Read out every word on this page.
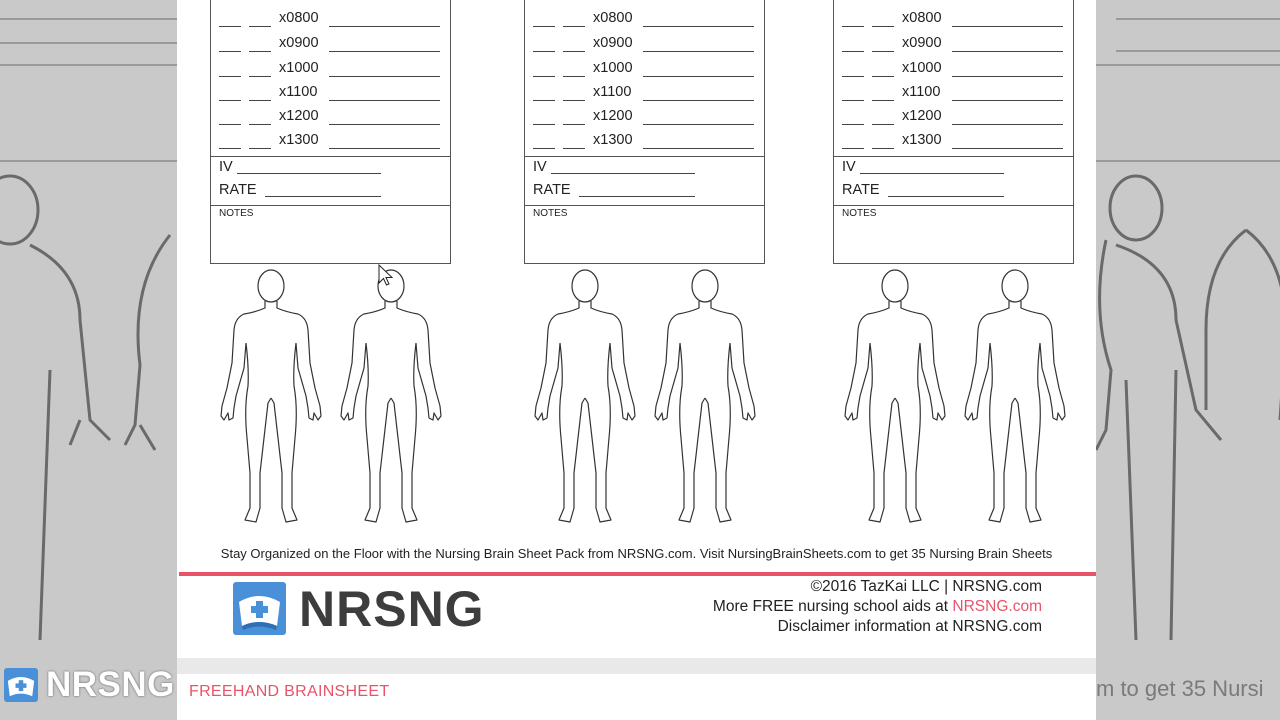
m to get 35 Nursi
x0800
x0900
x1000
x1100
x1200
x1300
IV
RATE
NOTES
x0800
x0900
x1000
x1100
x1200
x1300
IV
RATE
NOTES
x0800
x0900
x1000
x1100
x1200
x1300
IV
RATE
NOTES
Stay Organized on the Floor with the Nursing Brain Sheet Pack from NRSNG.com. Visit NursingBrainSheets.com to get 35 Nursing Brain Sheets
NRSNG	©2016 TazKai LLC | NRSNG.com
More FREE nursing school aids at NRSNG.com
Disclaimer information at NRSNG.com
FREEHAND BRAINSHEET
NRSNG
